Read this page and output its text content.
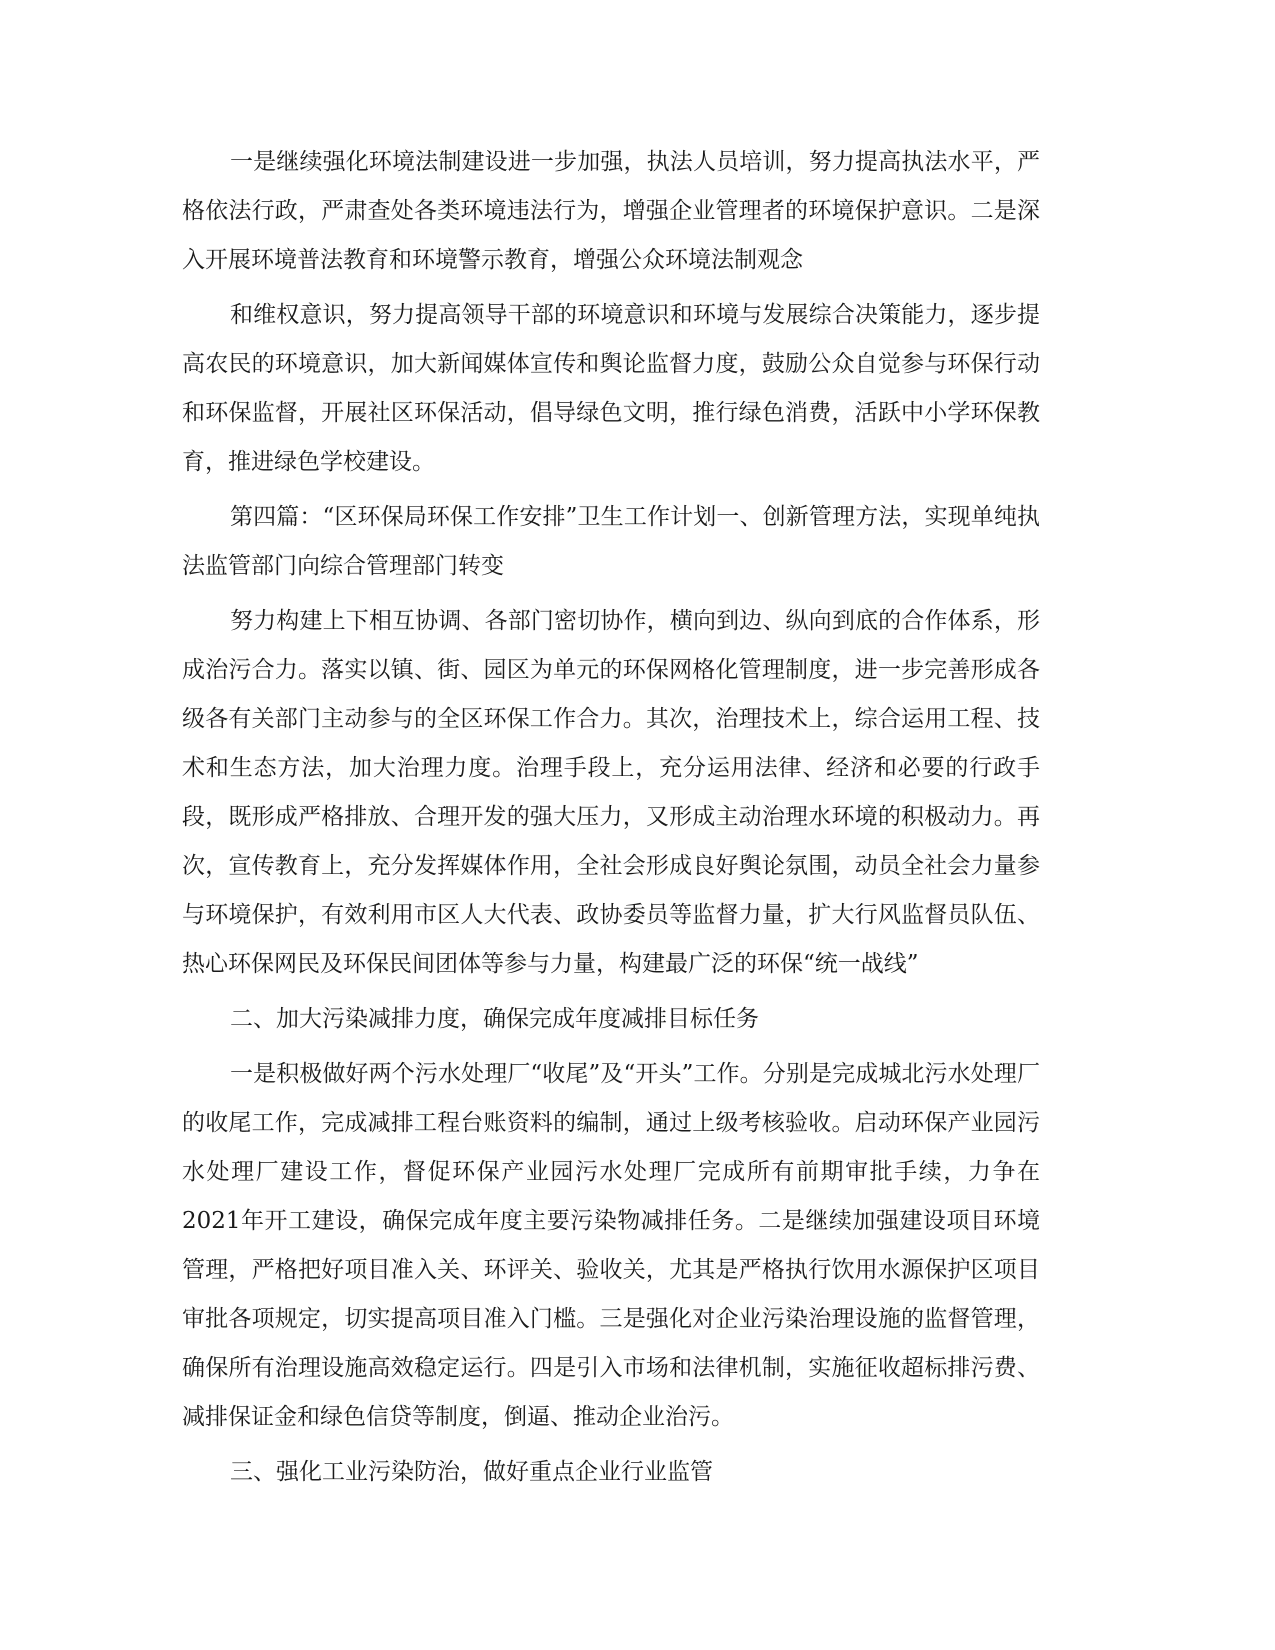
一是继续强化环境法制建设进一步加强，执法人员培训，努力提高执法水平，严格依法行政，严肃查处各类环境违法行为，增强企业管理者的环境保护意识。二是深入开展环境普法教育和环境警示教育，增强公众环境法制观念

和维权意识，努力提高领导干部的环境意识和环境与发展综合决策能力，逐步提高农民的环境意识，加大新闻媒体宣传和舆论监督力度，鼓励公众自觉参与环保行动和环保监督，开展社区环保活动，倡导绿色文明，推行绿色消费，活跃中小学环保教育，推进绿色学校建设。

第四篇：“区环保局环保工作安排”卫生工作计划一、创新管理方法，实现单纯执法监管部门向综合管理部门转变

努力构建上下相互协调、各部门密切协作，横向到边、纵向到底的合作体系，形成治污合力。落实以镇、街、园区为单元的环保网格化管理制度，进一步完善形成各级各有关部门主动参与的全区环保工作合力。其次，治理技术上，综合运用工程、技术和生态方法，加大治理力度。治理手段上，充分运用法律、经济和必要的行政手段，既形成严格排放、合理开发的强大压力，又形成主动治理水环境的积极动力。再次，宣传教育上，充分发挥媒体作用，全社会形成良好舆论氛围，动员全社会力量参与环境保护，有效利用市区人大代表、政协委员等监督力量，扩大行风监督员队伍、热心环保网民及环保民间团体等参与力量，构建最广泛的环保“统一战线”

二、加大污染减排力度，确保完成年度减排目标任务

一是积极做好两个污水处理厂“收尾”及“开头”工作。分别是完成城北污水处理厂的收尾工作，完成减排工程台账资料的编制，通过上级考核验收。启动环保产业园污水处理厂建设工作，督促环保产业园污水处理厂完成所有前期审批手续，力争在2021年开工建设，确保完成年度主要污染物减排任务。二是继续加强建设项目环境管理，严格把好项目准入关、环评关、验收关，尤其是严格执行饮用水源保护区项目审批各项规定，切实提高项目准入门槛。三是强化对企业污染治理设施的监督管理，确保所有治理设施高效稳定运行。四是引入市场和法律机制，实施征收超标排污费、减排保证金和绿色信贷等制度，倒逼、推动企业治污。

三、强化工业污染防治，做好重点企业行业监管
